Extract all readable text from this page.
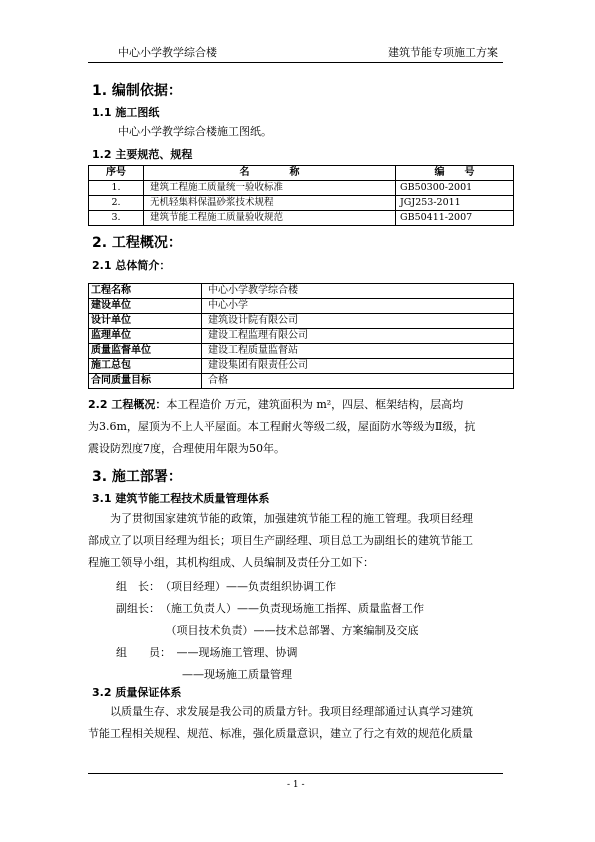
中心小学教学综合楼	建筑节能专项施工方案
1. 编制依据：
1.1 施工图纸
中心小学教学综合楼施工图纸。
1.2 主要规范、规程
序号	名　　　　称	编　　号
1.	建筑工程施工质量统一验收标准	GB50300-2001
2.	无机轻集料保温砂浆技术规程	JGJ253-2011
3.	建筑节能工程施工质量验收规范	GB50411-2007
2. 工程概况：
2.1 总体简介：
工程名称	中心小学教学综合楼
建设单位	中心小学
设计单位	建筑设计院有限公司
监理单位	建设工程监理有限公司
质量监督单位	建设工程质量监督站
施工总包	建设集团有限责任公司
合同质量目标	合格
2.2 工程概况：本工程造价 万元，建筑面积为 m²，四层、框架结构，层高均
为3.6m，屋顶为不上人平屋面。本工程耐火等级二级，屋面防水等级为Ⅱ级，抗
震设防烈度7度，合理使用年限为50年。
3. 施工部署：
3.1 建筑节能工程技术质量管理体系
为了贯彻国家建筑节能的政策，加强建筑节能工程的施工管理。我项目经理
部成立了以项目经理为组长；项目生产副经理、项目总工为副组长的建筑节能工
程施工领导小组，其机构组成、人员编制及责任分工如下：
组　长：　（项目经理）——负责组织协调工作
副组长：　（施工负责人）——负责现场施工指挥、质量监督工作
　　　　　（项目技术负责）——技术总部署、方案编制及交底
组　　员：　——现场施工管理、协调
　　　　　　——现场施工质量管理
3.2 质量保证体系
以质量生存、求发展是我公司的质量方针。我项目经理部通过认真学习建筑
节能工程相关规程、规范、标准，强化质量意识，建立了行之有效的规范化质量
- 1 -
